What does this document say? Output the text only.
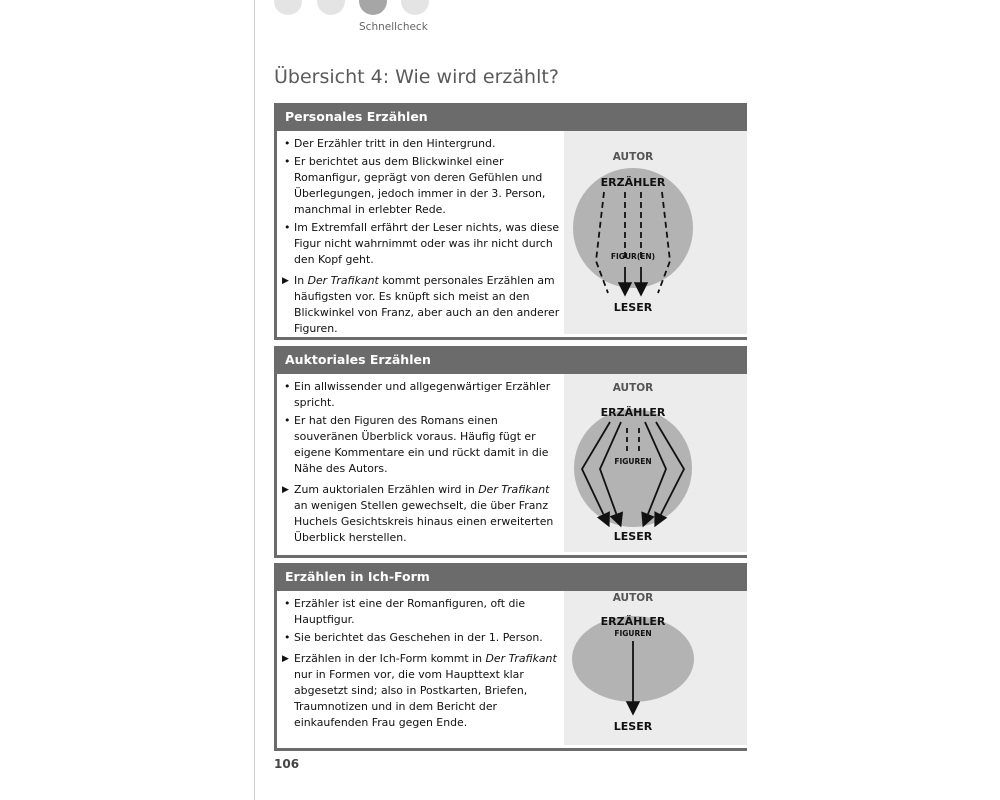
Schnellcheck
Übersicht 4: Wie wird erzählt?
Personales Erzählen
• Der Erzähler tritt in den Hintergrund.
• Er berichtet aus dem Blickwinkel einer Romanfigur, geprägt von deren Gefühlen und Überlegungen, jedoch immer in der 3. Person, manchmal in erlebter Rede.
• Im Extremfall erfährt der Leser nichts, was diese Figur nicht wahrnimmt oder was ihr nicht durch den Kopf geht.
▶ In Der Trafikant kommt personales Erzählen am häufigsten vor. Es knüpft sich meist an den Blickwinkel von Franz, aber auch an den anderer Figuren.
AUTOR
ERZÄHLER
FIGUR(EN)
LESER
Auktoriales Erzählen
• Ein allwissender und allgegenwärtiger Erzähler spricht.
• Er hat den Figuren des Romans einen souveränen Überblick voraus. Häufig fügt er eigene Kommentare ein und rückt damit in die Nähe des Autors.
▶ Zum auktorialen Erzählen wird in Der Trafikant an wenigen Stellen gewechselt, die über Franz Huchels Gesichtskreis hinaus einen erweiterten Überblick herstellen.
AUTOR
ERZÄHLER
FIGUREN
LESER
Erzählen in Ich-Form
• Erzähler ist eine der Romanfiguren, oft die Hauptfigur.
• Sie berichtet das Geschehen in der 1. Person.
▶ Erzählen in der Ich-Form kommt in Der Trafikant nur in Formen vor, die vom Haupttext klar abgesetzt sind; also in Postkarten, Briefen, Traumnotizen und in dem Bericht der einkaufenden Frau gegen Ende.
AUTOR
ERZÄHLER
FIGUREN
LESER
106
